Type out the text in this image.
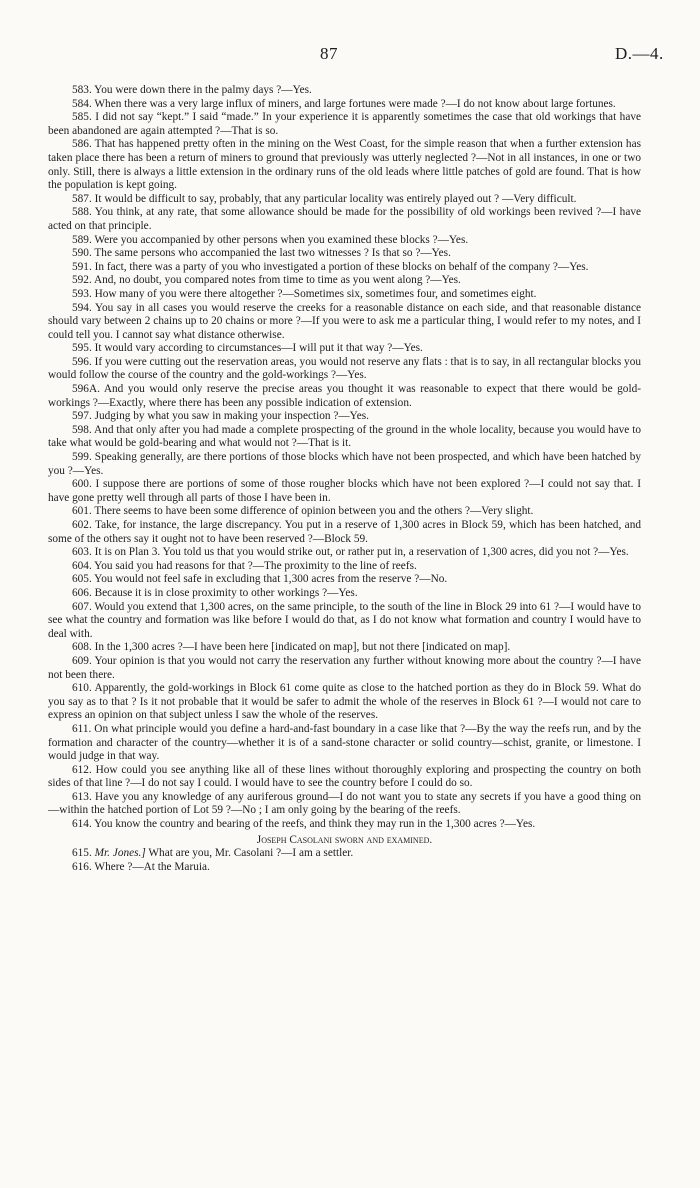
87	D.—4.

583. You were down there in the palmy days ?—Yes.

584. When there was a very large influx of miners, and large fortunes were made ?—I do not know about large fortunes.

585. I did not say “kept.” I said “made.” In your experience it is apparently sometimes the case that old workings that have been abandoned are again attempted ?—That is so.

586. That has happened pretty often in the mining on the West Coast, for the simple reason that when a further extension has taken place there has been a return of miners to ground that previously was utterly neglected ?—Not in all instances, in one or two only. Still, there is always a little extension in the ordinary runs of the old leads where little patches of gold are found. That is how the population is kept going.

587. It would be difficult to say, probably, that any particular locality was entirely played out ? —Very difficult.

588. You think, at any rate, that some allowance should be made for the possibility of old workings been revived ?—I have acted on that principle.

589. Were you accompanied by other persons when you examined these blocks ?—Yes.

590. The same persons who accompanied the last two witnesses ? Is that so ?—Yes.

591. In fact, there was a party of you who investigated a portion of these blocks on behalf of the company ?—Yes.

592. And, no doubt, you compared notes from time to time as you went along ?—Yes.

593. How many of you were there altogether ?—Sometimes six, sometimes four, and sometimes eight.

594. You say in all cases you would reserve the creeks for a reasonable distance on each side, and that reasonable distance should vary between 2 chains up to 20 chains or more ?—If you were to ask me a particular thing, I would refer to my notes, and I could tell you. I cannot say what distance otherwise.

595. It would vary according to circumstances—I will put it that way ?—Yes.

596. If you were cutting out the reservation areas, you would not reserve any flats : that is to say, in all rectangular blocks you would follow the course of the country and the gold-workings ?—Yes.

596A. And you would only reserve the precise areas you thought it was reasonable to expect that there would be gold-workings ?—Exactly, where there has been any possible indication of extension.

597. Judging by what you saw in making your inspection ?—Yes.

598. And that only after you had made a complete prospecting of the ground in the whole locality, because you would have to take what would be gold-bearing and what would not ?—That is it.

599. Speaking generally, are there portions of those blocks which have not been prospected, and which have been hatched by you ?—Yes.

600. I suppose there are portions of some of those rougher blocks which have not been explored ?—I could not say that. I have gone pretty well through all parts of those I have been in.

601. There seems to have been some difference of opinion between you and the others ?—Very slight.

602. Take, for instance, the large discrepancy. You put in a reserve of 1,300 acres in Block 59, which has been hatched, and some of the others say it ought not to have been reserved ?—Block 59.

603. It is on Plan 3. You told us that you would strike out, or rather put in, a reservation of 1,300 acres, did you not ?—Yes.

604. You said you had reasons for that ?—The proximity to the line of reefs.

605. You would not feel safe in excluding that 1,300 acres from the reserve ?—No.

606. Because it is in close proximity to other workings ?—Yes.

607. Would you extend that 1,300 acres, on the same principle, to the south of the line in Block 29 into 61 ?—I would have to see what the country and formation was like before I would do that, as I do not know what formation and country I would have to deal with.

608. In the 1,300 acres ?—I have been here [indicated on map], but not there [indicated on map].

609. Your opinion is that you would not carry the reservation any further without knowing more about the country ?—I have not been there.

610. Apparently, the gold-workings in Block 61 come quite as close to the hatched portion as they do in Block 59. What do you say as to that ? Is it not probable that it would be safer to admit the whole of the reserves in Block 61 ?—I would not care to express an opinion on that subject unless I saw the whole of the reserves.

611. On what principle would you define a hard-and-fast boundary in a case like that ?—By the way the reefs run, and by the formation and character of the country—whether it is of a sand-stone character or solid country—schist, granite, or limestone. I would judge in that way.

612. How could you see anything like all of these lines without thoroughly exploring and prospecting the country on both sides of that line ?—I do not say I could. I would have to see the country before I could do so.

613. Have you any knowledge of any auriferous ground—I do not want you to state any secrets if you have a good thing on—within the hatched portion of Lot 59 ?—No ; I am only going by the bearing of the reefs.

614. You know the country and bearing of the reefs, and think they may run in the 1,300 acres ?—Yes.

Joseph Casolani sworn and examined.

615. Mr. Jones.] What are you, Mr. Casolani ?—I am a settler.

616. Where ?—At the Maruia.
